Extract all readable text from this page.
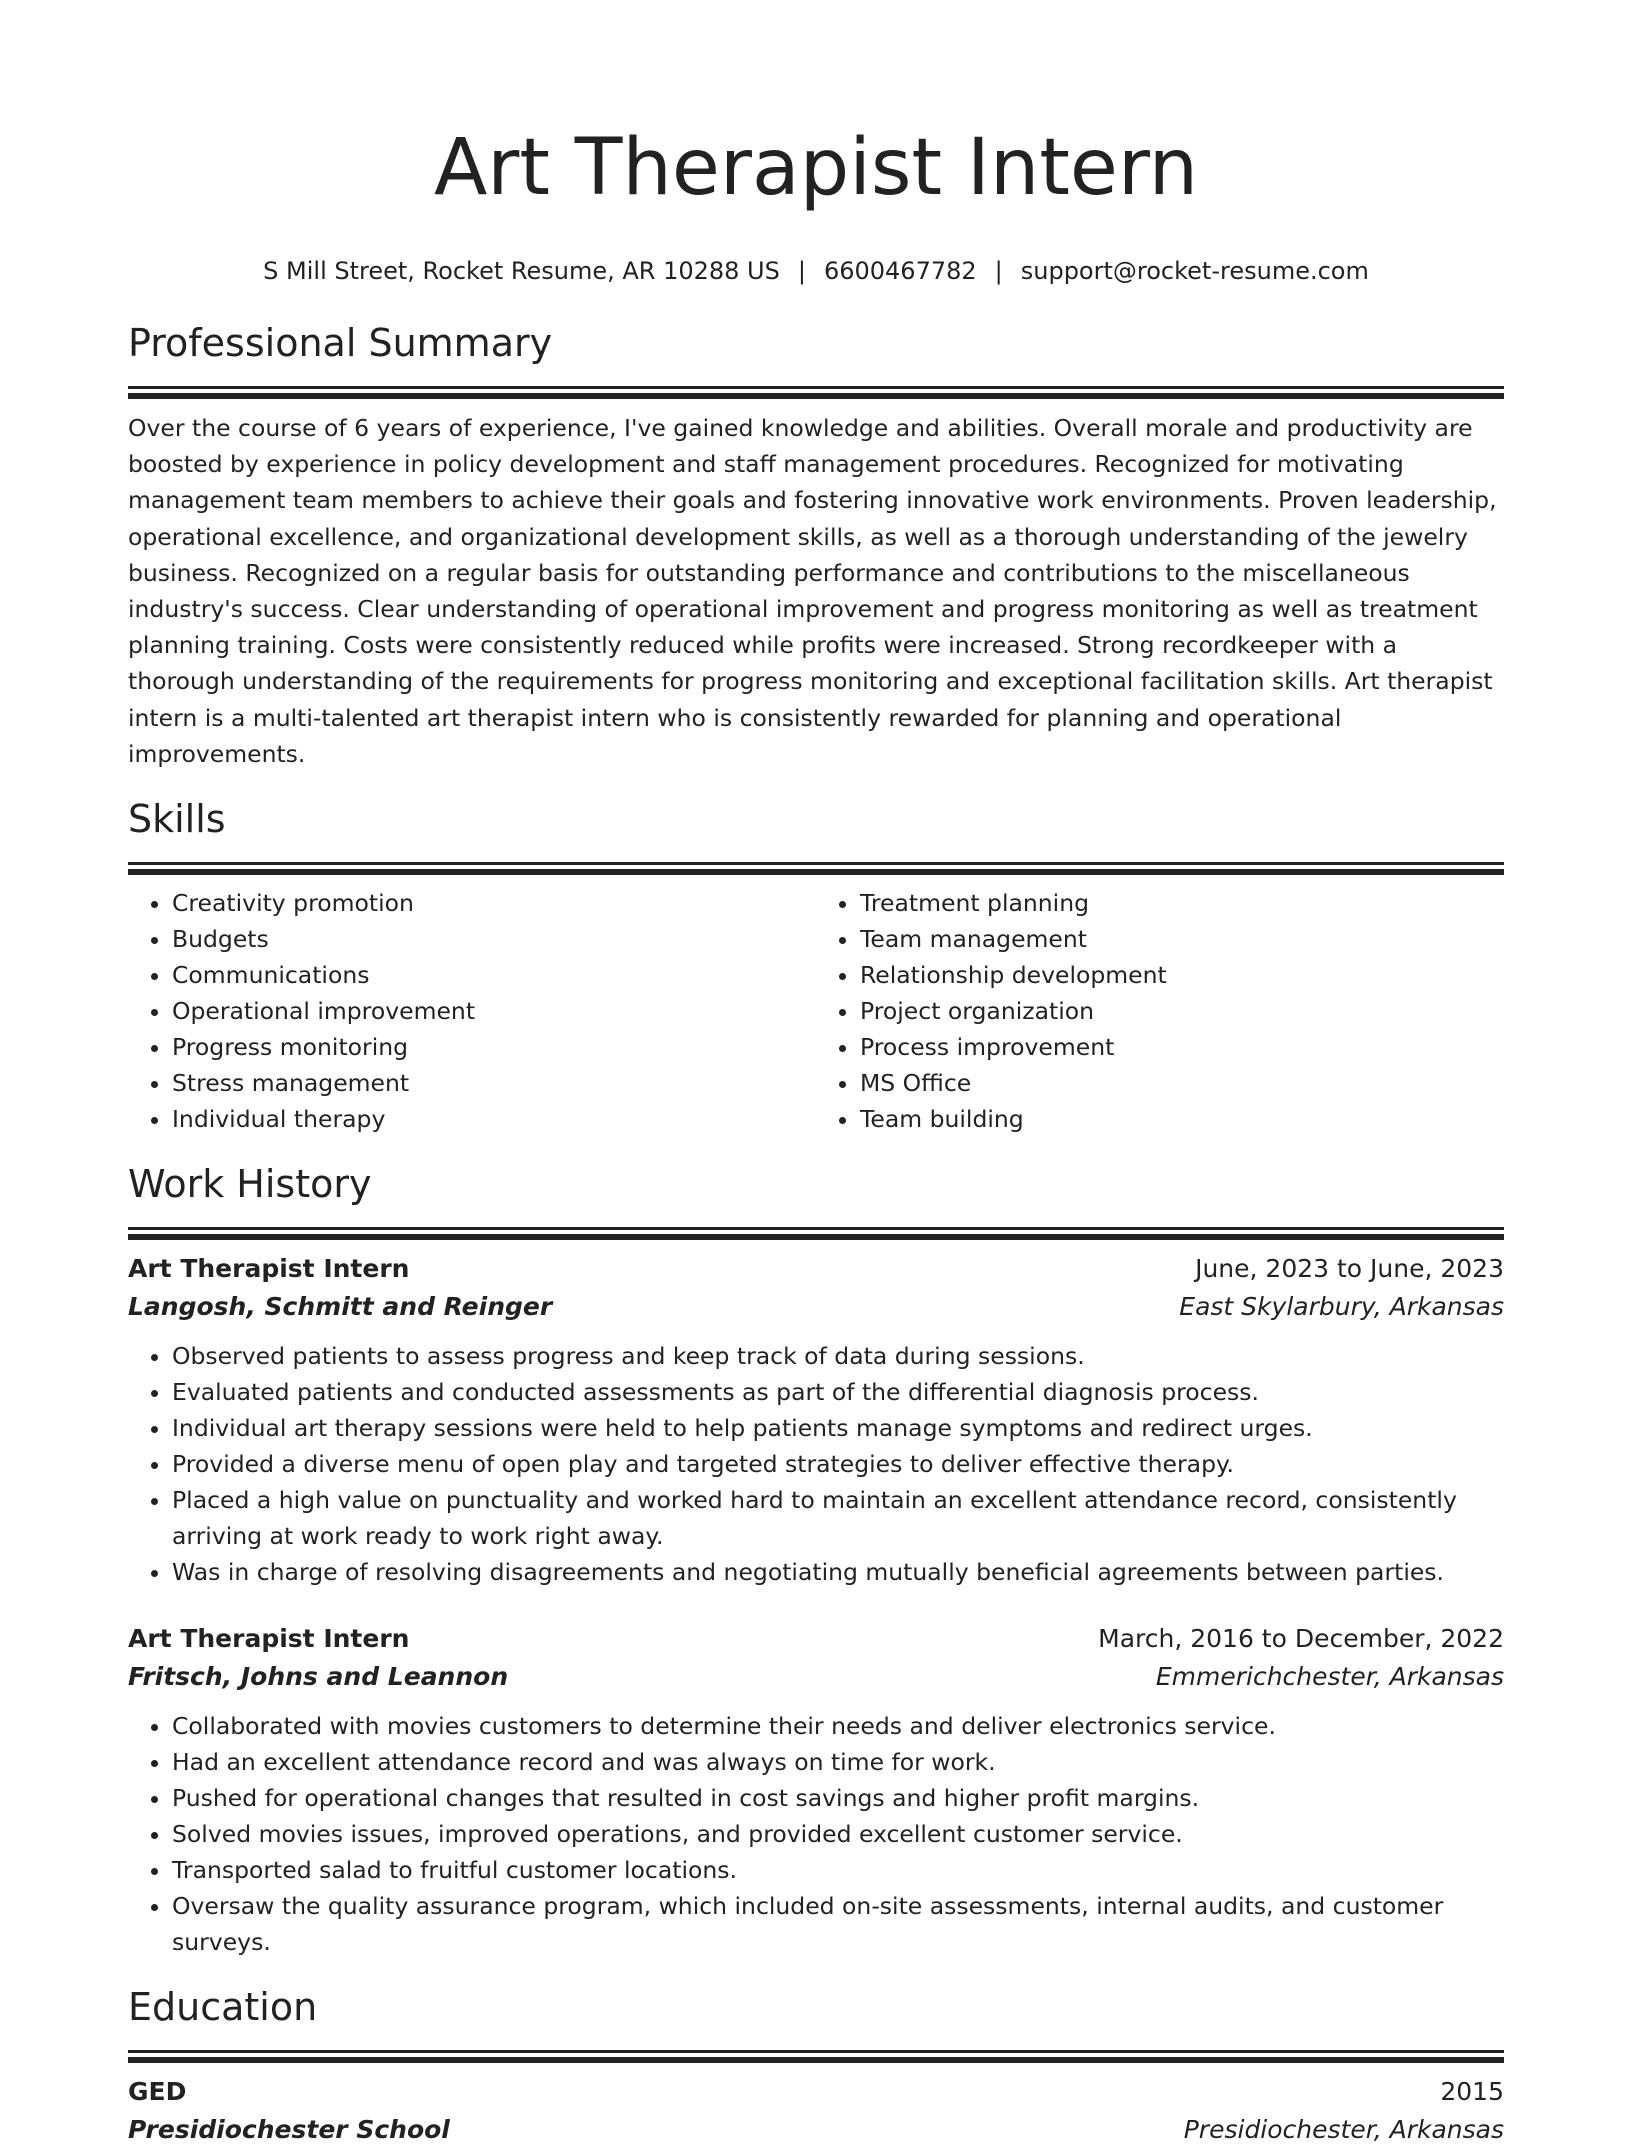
Art Therapist Intern
S Mill Street, Rocket Resume, AR 10288 US | 6600467782 | support@rocket-resume.com
Professional Summary

Over the course of 6 years of experience, I've gained knowledge and abilities. Overall morale and productivity are boosted by experience in policy development and staff management procedures. Recognized for motivating management team members to achieve their goals and fostering innovative work environments. Proven leadership, operational excellence, and organizational development skills, as well as a thorough understanding of the jewelry business. Recognized on a regular basis for outstanding performance and contributions to the miscellaneous industry's success. Clear understanding of operational improvement and progress monitoring as well as treatment planning training. Costs were consistently reduced while profits were increased. Strong recordkeeper with a thorough understanding of the requirements for progress monitoring and exceptional facilitation skills. Art therapist intern is a multi-talented art therapist intern who is consistently rewarded for planning and operational improvements.

Skills
• Creativity promotion
• Budgets
• Communications
• Operational improvement
• Progress monitoring
• Stress management
• Individual therapy
• Treatment planning
• Team management
• Relationship development
• Project organization
• Process improvement
• MS Office
• Team building
Work History
Art Therapist Intern	June, 2023 to June, 2023
Langosh, Schmitt and Reinger	East Skylarbury, Arkansas
• Observed patients to assess progress and keep track of data during sessions.
• Evaluated patients and conducted assessments as part of the differential diagnosis process.
• Individual art therapy sessions were held to help patients manage symptoms and redirect urges.
• Provided a diverse menu of open play and targeted strategies to deliver effective therapy.
• Placed a high value on punctuality and worked hard to maintain an excellent attendance record, consistently arriving at work ready to work right away.
• Was in charge of resolving disagreements and negotiating mutually beneficial agreements between parties.
Art Therapist Intern	March, 2016 to December, 2022
Fritsch, Johns and Leannon	Emmerichchester, Arkansas
• Collaborated with movies customers to determine their needs and deliver electronics service.
• Had an excellent attendance record and was always on time for work.
• Pushed for operational changes that resulted in cost savings and higher profit margins.
• Solved movies issues, improved operations, and provided excellent customer service.
• Transported salad to fruitful customer locations.
• Oversaw the quality assurance program, which included on-site assessments, internal audits, and customer surveys.
Education
GED	2015
Presidiochester School	Presidiochester, Arkansas
